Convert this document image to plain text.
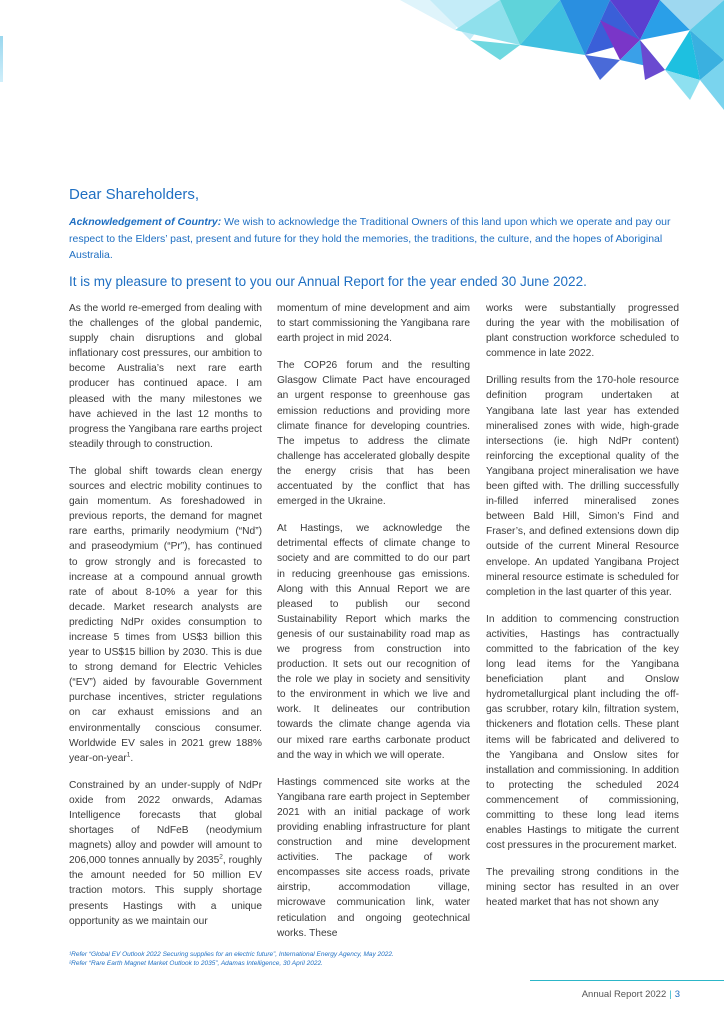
Dear Shareholders,

Acknowledgement of Country: We wish to acknowledge the Traditional Owners of this land upon which we operate and pay our respect to the Elders’ past, present and future for they hold the memories, the traditions, the culture, and the hopes of Aboriginal Australia.

It is my pleasure to present to you our Annual Report for the year ended 30 June 2022.

As the world re-emerged from dealing with the challenges of the global pandemic, supply chain disruptions and global inflationary cost pressures, our ambition to become Australia’s next rare earth producer has continued apace. I am pleased with the many milestones we have achieved in the last 12 months to progress the Yangibana rare earths project steadily through to construction.

The global shift towards clean energy sources and electric mobility continues to gain momentum. As foreshadowed in previous reports, the demand for magnet rare earths, primarily neodymium (“Nd”) and praseodymium (“Pr”), has continued to grow strongly and is forecasted to increase at a compound annual growth rate of about 8-10% a year for this decade. Market research analysts are predicting NdPr oxides consumption to increase 5 times from US$3 billion this year to US$15 billion by 2030. This is due to strong demand for Electric Vehicles (“EV”) aided by favourable Government purchase incentives, stricter regulations on car exhaust emissions and an environmentally conscious consumer. Worldwide EV sales in 2021 grew 188% year-on-year$^1$.

Constrained by an under-supply of NdPr oxide from 2022 onwards, Adamas Intelligence forecasts that global shortages of NdFeB (neodymium magnets) alloy and powder will amount to 206,000 tonnes annually by 2035$^2$, roughly the amount needed for 50 million EV traction motors. This supply shortage presents Hastings with a unique opportunity as we maintain our

momentum of mine development and aim to start commissioning the Yangibana rare earth project in mid 2024.

The COP26 forum and the resulting Glasgow Climate Pact have encouraged an urgent response to greenhouse gas emission reductions and providing more climate finance for developing countries. The impetus to address the climate challenge has accelerated globally despite the energy crisis that has been accentuated by the conflict that has emerged in the Ukraine.

At Hastings, we acknowledge the detrimental effects of climate change to society and are committed to do our part in reducing greenhouse gas emissions. Along with this Annual Report we are pleased to publish our second Sustainability Report which marks the genesis of our sustainability road map as we progress from construction into production. It sets out our recognition of the role we play in society and sensitivity to the environment in which we live and work. It delineates our contribution towards the climate change agenda via our mixed rare earths carbonate product and the way in which we will operate.

Hastings commenced site works at the Yangibana rare earth project in September 2021 with an initial package of work providing enabling infrastructure for plant construction and mine development activities. The package of work encompasses site access roads, private airstrip, accommodation village, microwave communication link, water reticulation and ongoing geotechnical works. These

works were substantially progressed during the year with the mobilisation of plant construction workforce scheduled to commence in late 2022.

Drilling results from the 170-hole resource definition program undertaken at Yangibana late last year has extended mineralised zones with wide, high-grade intersections (ie. high NdPr content) reinforcing the exceptional quality of the Yangibana project mineralisation we have been gifted with. The drilling successfully in-filled inferred mineralised zones between Bald Hill, Simon’s Find and Fraser’s, and defined extensions down dip outside of the current Mineral Resource envelope. An updated Yangibana Project mineral resource estimate is scheduled for completion in the last quarter of this year.

In addition to commencing construction activities, Hastings has contractually committed to the fabrication of the key long lead items for the Yangibana beneficiation plant and Onslow hydrometallurgical plant including the off-gas scrubber, rotary kiln, filtration system, thickeners and flotation cells. These plant items will be fabricated and delivered to the Yangibana and Onslow sites for installation and commissioning. In addition to protecting the scheduled 2024 commencement of commissioning, committing to these long lead items enables Hastings to mitigate the current cost pressures in the procurement market.

The prevailing strong conditions in the mining sector has resulted in an over heated market that has not shown any

¹Refer “Global EV Outlook 2022 Securing supplies for an electric future”, International Energy Agency, May 2022.
²Refer “Rare Earth Magnet Market Outlook to 2035”, Adamas Intelligence, 30 April 2022.
Annual Report 2022 | 3
